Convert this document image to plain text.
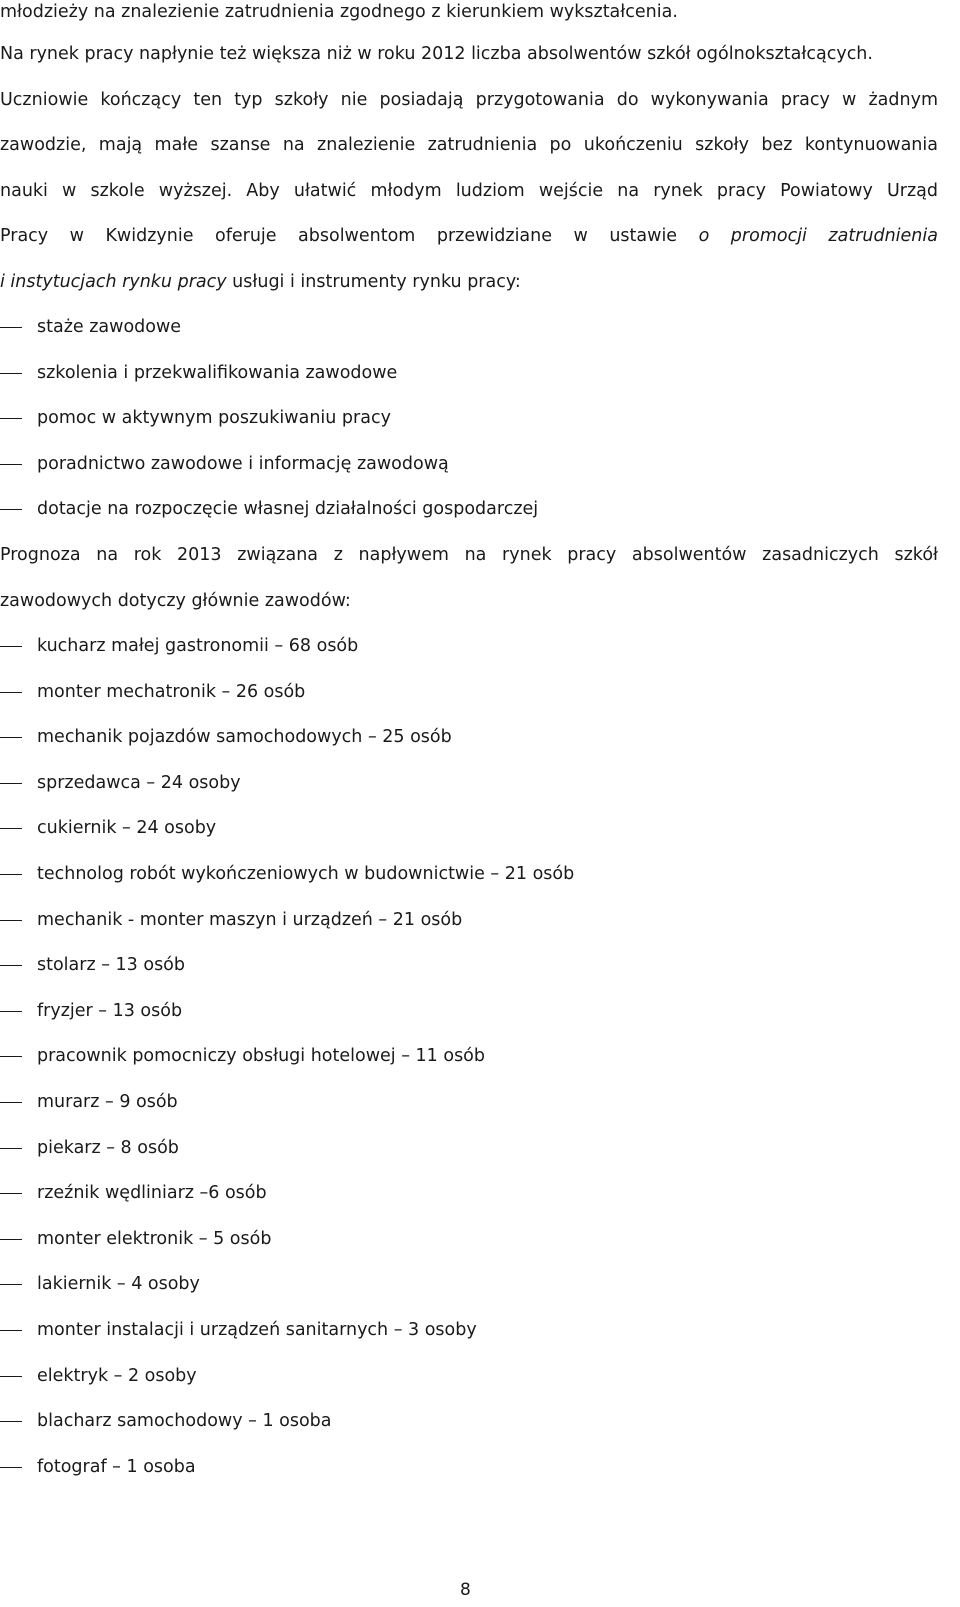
młodzieży na znalezienie zatrudnienia zgodnego z kierunkiem wykształcenia.
Na rynek pracy napłynie też większa niż w roku 2012 liczba absolwentów szkół ogólnokształcących.
Uczniowie kończący ten typ szkoły nie posiadają przygotowania do wykonywania pracy w żadnym
zawodzie, mają małe szanse na znalezienie zatrudnienia po ukończeniu szkoły bez kontynuowania
nauki w szkole wyższej. Aby ułatwić młodym ludziom wejście na rynek pracy Powiatowy Urząd
Pracy w Kwidzynie oferuje absolwentom przewidziane w ustawie o promocji zatrudnienia
i instytucjach rynku pracy usługi i instrumenty rynku pracy:
staże zawodowe
szkolenia i przekwalifikowania zawodowe
pomoc w aktywnym poszukiwaniu pracy
poradnictwo zawodowe i informację zawodową
dotacje na rozpoczęcie własnej działalności gospodarczej
Prognoza na rok 2013 związana z napływem na rynek pracy absolwentów zasadniczych szkół
zawodowych dotyczy głównie zawodów:
kucharz małej gastronomii – 68 osób
monter mechatronik – 26 osób
mechanik pojazdów samochodowych – 25 osób
sprzedawca – 24 osoby
cukiernik – 24 osoby
technolog robót wykończeniowych w budownictwie – 21 osób
mechanik - monter maszyn i urządzeń – 21 osób
stolarz – 13 osób
fryzjer – 13 osób
pracownik pomocniczy obsługi hotelowej – 11 osób
murarz – 9 osób
piekarz – 8 osób
rzeźnik wędliniarz –6 osób
monter elektronik – 5 osób
lakiernik – 4 osoby
monter instalacji i urządzeń sanitarnych – 3 osoby
elektryk – 2 osoby
blacharz samochodowy – 1 osoba
fotograf – 1 osoba
8
